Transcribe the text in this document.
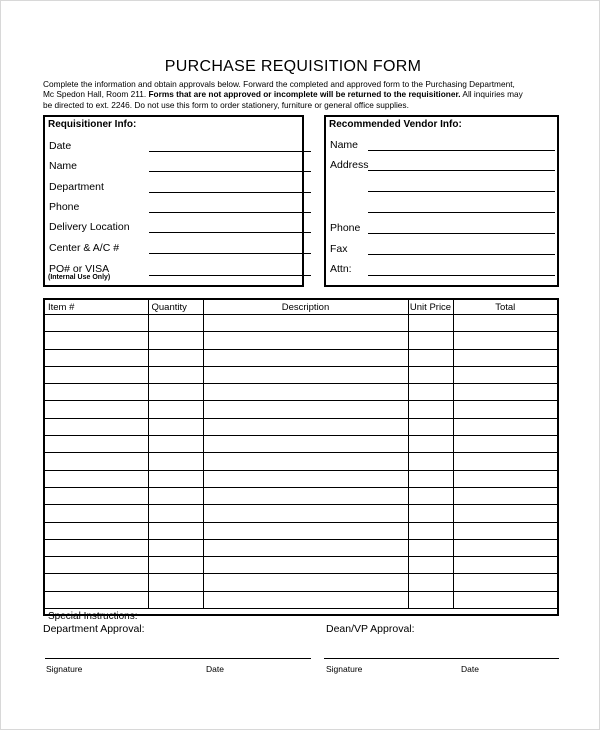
PURCHASE REQUISITION FORM
Complete the information and obtain approvals below. Forward the completed and approved form to the Purchasing Department,
Mc Spedon Hall, Room 211. Forms that are not approved or incomplete will be returned to the requisitioner. All inquiries may
be directed to ext. 2246. Do not use this form to order stationery, furniture or general office supplies.
Requisitioner Info:
Date
Name
Department
Phone
Delivery Location
Center & A/C #
PO# or VISA
(Internal Use Only)
Recommended Vendor Info:
Name
Address
Phone
Fax
Attn:
Item #	Quantity	Description	Unit Price	Total

Special Instructions:
Department Approval:	Dean/VP Approval:
Signature	Date	Signature	Date
